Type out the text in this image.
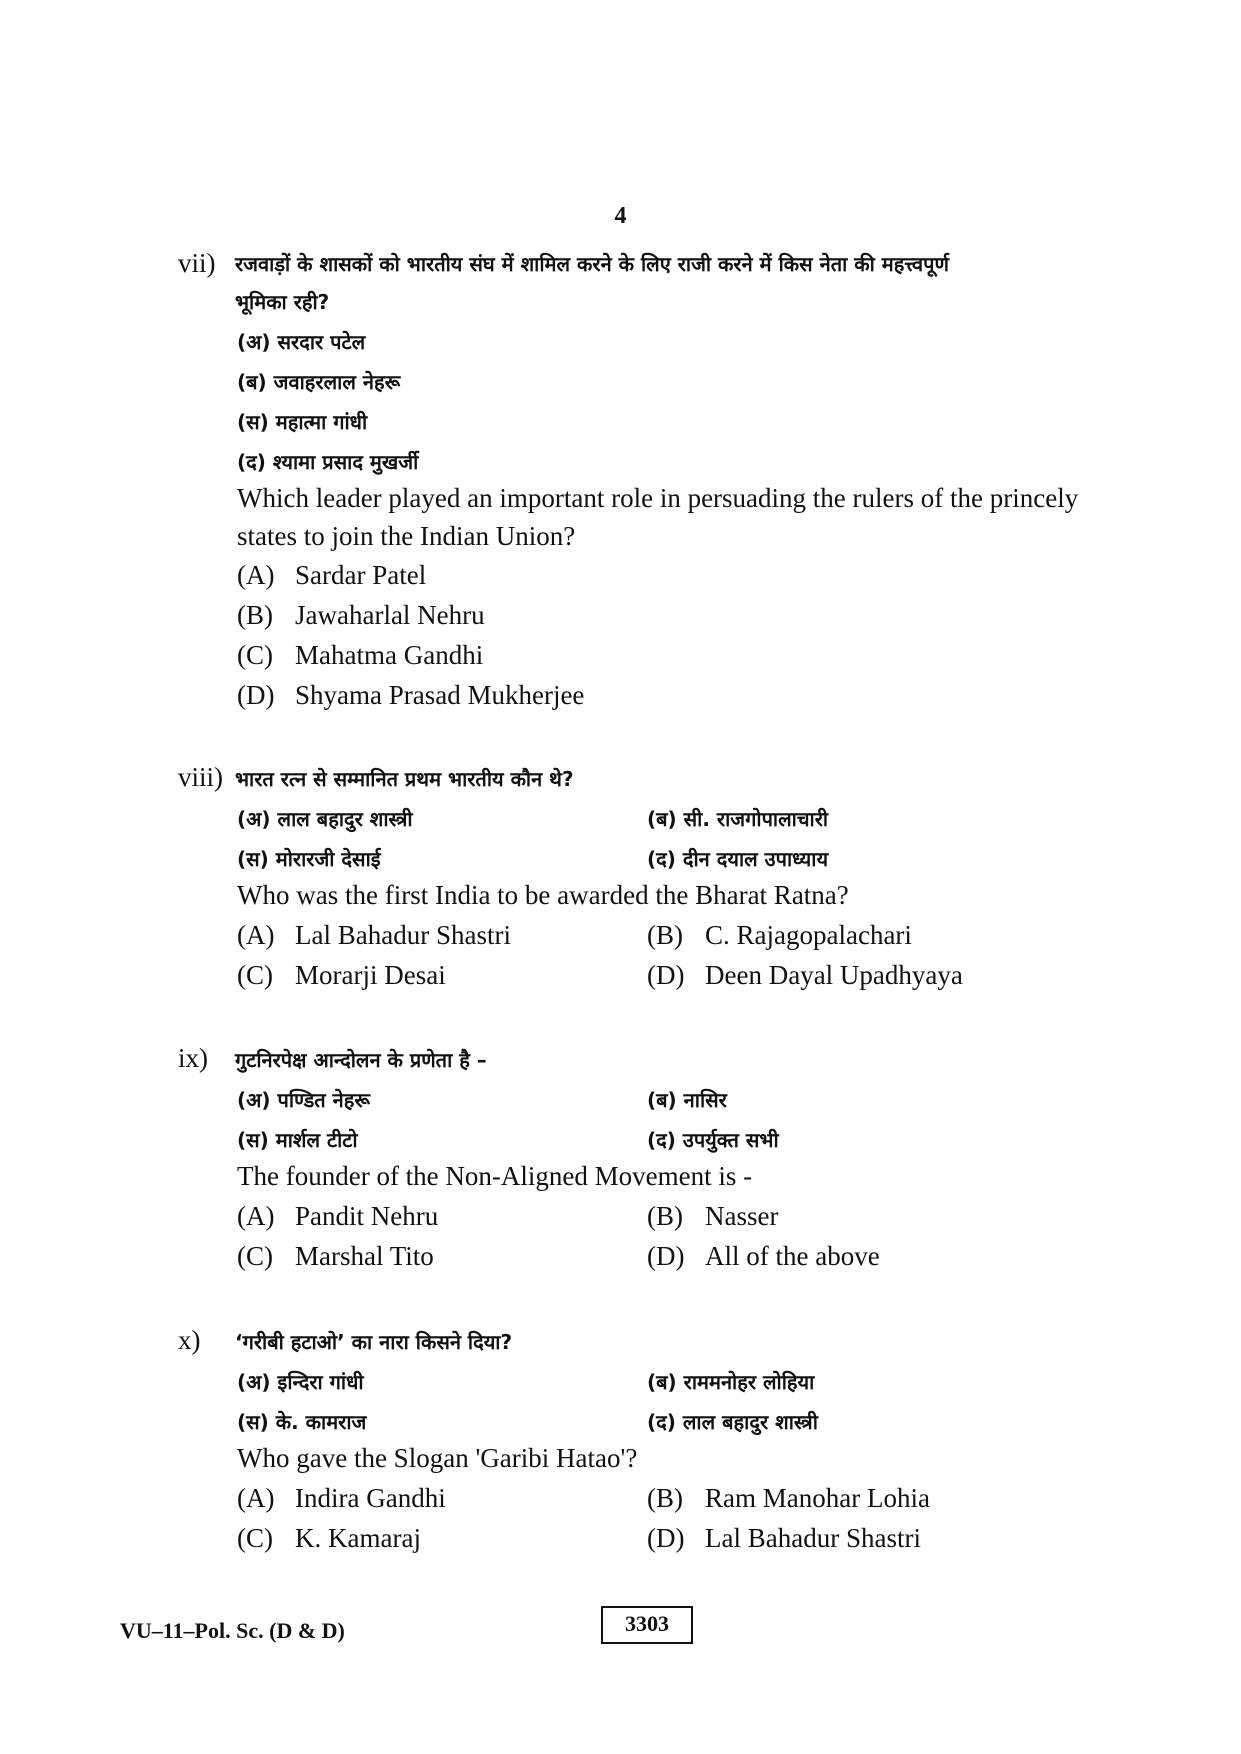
4
vii) रजवाड़ों के शासकों को भारतीय संघ में शामिल करने के लिए राजी करने में किस नेता की महत्त्वपूर्ण
भूमिका रही?
(अ) सरदार पटेल
(ब) जवाहरलाल नेहरू
(स) महात्मा गांधी
(द) श्यामा प्रसाद मुखर्जी
Which leader played an important role in persuading the rulers of the princely
states to join the Indian Union?
(A) Sardar Patel
(B) Jawaharlal Nehru
(C) Mahatma Gandhi
(D) Shyama Prasad Mukherjee
viii) भारत रत्न से सम्मानित प्रथम भारतीय कौन थे?
(अ) लाल बहादुर शास्त्री	(ब) सी. राजगोपालाचारी
(स) मोरारजी देसाई	(द) दीन दयाल उपाध्याय
Who was the first India to be awarded the Bharat Ratna?
(A) Lal Bahadur Shastri	(B) C. Rajagopalachari
(C) Morarji Desai	(D) Deen Dayal Upadhyaya
ix) गुटनिरपेक्ष आन्दोलन के प्रणेता है –
(अ) पण्डित नेहरू	(ब) नासिर
(स) मार्शल टीटो	(द) उपर्युक्त सभी
The founder of the Non-Aligned Movement is -
(A) Pandit Nehru	(B) Nasser
(C) Marshal Tito	(D) All of the above
x) ‘गरीबी हटाओ’ का नारा किसने दिया?
(अ) इन्दिरा गांधी	(ब) राममनोहर लोहिया
(स) के. कामराज	(द) लाल बहादुर शास्त्री
Who gave the Slogan 'Garibi Hatao'?
(A) Indira Gandhi	(B) Ram Manohar Lohia
(C) K. Kamaraj	(D) Lal Bahadur Shastri
VU–11–Pol. Sc. (D & D)	3303
